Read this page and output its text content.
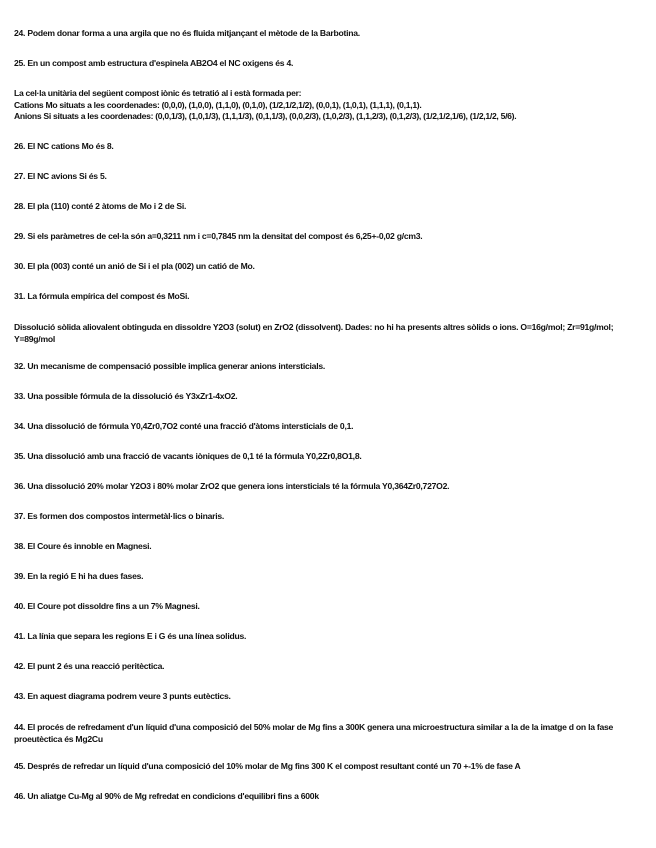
24. Podem donar forma a una argila que no és fluida mitjançant el mètode de la Barbotina.

25. En un compost amb estructura d'espinela AB2O4 el NC oxigens és 4.

La cel·la unitària del següent compost iònic és tetratió al i està formada per:
Cations Mo situats a les coordenades: (0,0,0), (1,0,0), (1,1,0), (0,1,0), (1/2,1/2,1/2), (0,0,1), (1,0,1), (1,1,1), (0,1,1).
Anions Si situats a les coordenades: (0,0,1/3), (1,0,1/3), (1,1,1/3), (0,1,1/3), (0,0,2/3), (1,0,2/3), (1,1,2/3), (0,1,2/3), (1/2,1/2,1/6), (1/2,1/2, 5/6).

26. El NC cations Mo és 8.

27. El NC avions Si és 5.

28. El pla (110) conté 2 àtoms de Mo i 2 de Si.

29. Si els paràmetres de cel·la són a=0,3211 nm i c=0,7845 nm la densitat del compost és 6,25+-0,02 g/cm3.

30. El pla (003) conté un anió de Si i el pla (002) un catió de Mo.

31. La fórmula empírica del compost és MoSi.

Dissolució sòlida aliovalent obtinguda en dissoldre Y2O3 (solut) en ZrO2 (dissolvent). Dades: no hi ha presents altres sòlids o ions. O=16g/mol; Zr=91g/mol; Y=89g/mol

32. Un mecanisme de compensació possible implica generar anions intersticials.

33. Una possible fórmula de la dissolució és Y3xZr1-4xO2.

34. Una dissolució de fórmula Y0,4Zr0,7O2 conté una fracció d'àtoms intersticials de 0,1.

35. Una dissolució amb una fracció de vacants iòniques de 0,1 té la fórmula Y0,2Zr0,8O1,8.

36. Una dissolució 20% molar Y2O3 i 80% molar ZrO2 que genera ions intersticials té la fórmula Y0,364Zr0,727O2.

37. Es formen dos compostos intermetàl·lics o binaris.

38. El Coure és innoble en Magnesi.

39. En la regió E hi ha dues fases.

40. El Coure pot dissoldre fins a un 7% Magnesi.

41. La línia que separa les regions E i G és una línea solidus.

42. El punt 2 és una reacció peritèctica.

43. En aquest diagrama podrem veure 3 punts eutèctics.

44. El procés de refredament d'un líquid d'una composició del 50% molar de Mg fins a 300K genera una microestructura similar a la de la imatge d on la fase proeutèctica és Mg2Cu

45. Després de refredar un líquid d'una composició del 10% molar de Mg fins 300 K el compost resultant conté un 70 +-1% de fase A

46. Un aliatge Cu-Mg al 90% de Mg refredat en condicions d'equilibri fins a 600k
